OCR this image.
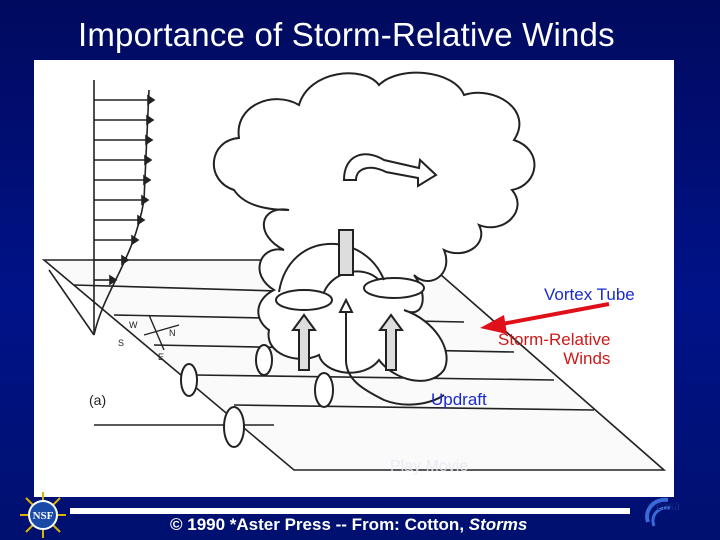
Importance of Storm-Relative Winds
W
N
S
E
(a)
Vortex Tube
Storm-Relative
Winds
Updraft
Play Movie
© 1990 *Aster Press -- From: Cotton, Storms
NSF
casa
